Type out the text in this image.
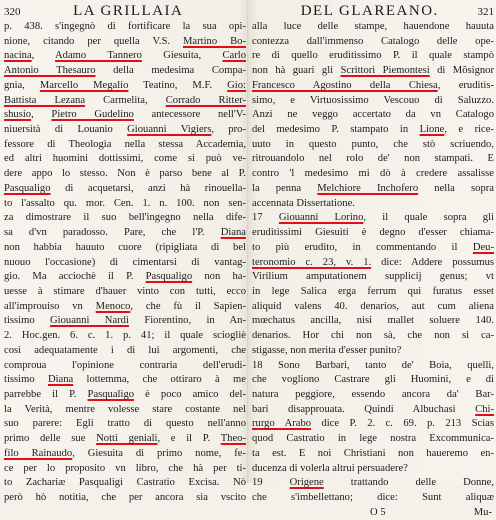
320	LA GRILLAIA
p. 438. s'ingegnò di fortificare la sua opi-
nione, citando per quella V.S. Martino Bo-
nacina, Adamo Tannero Giesuita, Carlo
Antonio Thesauro della medesima Compa-
gnia, Marcello Megalio Teatino, M.F. Gio:
Battista Lezana Carmelita, Corrado Ritter-
shusio, Pietro Gudelino antecessore nell'V-
niuersità di Louanio Giouanni Vigiers, pro-
fessore di Theologia nella stessa Accademia,
ed altri huomini dottissimi, come si può ve-
dere appo lo stesso. Non è parso bene al P.
Pasqualigo di acquetarsi, anzi hà rinouella-
to l'assalto qu. mor. Cen. 1. n. 100. non sen-
za dimostrare il suo bell'ingegno nella dife-
sa d'vn paradosso. Pare, che l'P. Diana
non habbia hauuto cuore (ripigliata di bel
nuouo l'occasione) di cimentarsi di vantag-
gio. Ma acciochè il P. Pasqualigo non ha-
uesse à stimare d'hauer vinto con tutti, ecco
all'improuiso vn Menoco, che fù il Sapien-
tissimo Giouanni Nardi Fiorentino, in An-
2. Hoc.gen. 6. c. 1. p. 41; il quale sciogliè
così adequatamente i di lui argomenti, che
comproua l'opinione contraria dell'erudi-
tissimo Diana lottemma, che ottiraro à me
parrebbe il P. Pasqualigo è poco amico del-
la Verità, mentre volesse stare costante nel
suo parere: Egli tratto di questo nell'anno
primo delle sue Notti geniali, e il P. Theo-
filo Rainaudo, Giesuita di primo nome, fe-
ce per lo proposito vn libro, che hà per ti-
to Zachariæ Pasqualigi Castratio Excisa. Nò
però hò notitia, che per ancora sia vscito
DEL GLAREANO.	321
alla luce delle stampe, hauendone hauuta
contezza dall'immenso Catalogo delle ope-
re di quello eruditissimo P. il quale stampò
non hà guari gli Scrittori Piemontesi di Mõsignor
Francesco Agostino della Chiesa, eruditis-
simo, e Virtuosissimo Vescouo di Saluzzo.
Anzi ne veggo accertato da vn Catalogo
del medesimo P. stampato in Lione, e rice-
uuto in questo punto, che stò scriuendo,
ritrouandolo nel rolo de' non stampati. E
contro 'l medesimo mi dò à credere assalisse
la penna Melchiore Inchofero nella sopra
accennata Dissertatione.
17 Giouanni Lorino, il quale sopra gli
eruditissimi Giesuiti è degno d'esser chiama-
to più erudito, in commentando il Deu-
teronomio c. 23, v. 1. dice: Addere possumus
Virilium amputationem supplicij genus; vt
in lege Salica erga ferrum qui furatus esset
aliquid valens 40. denarios, aut cum aliena
mœchatus ancilla, nisi mallet soluere 140.
denarios. Hor chi non sà, che non si ca-
stigasse, non merita d'esser punito?
18 Sono Barbari, tanto de' Boia, quelli,
che vogliono Castrare gli Huomini, e di
natura peggiore, essendo ancora da' Bar-
bari disapprouata. Quindi Albuchasi Chi-
rurgo Arabo dice P. 2. c. 69. p. 213 Scias
quod Castratio in lege nostra Excommunica-
ta est. E noi Christiani non haueremo en-
ducenza di volerla altrui persuadere?
19 Origene trattando delle Donne,
che s'imbellettano; dice: Sunt aliquæ
O 5	Mu-
